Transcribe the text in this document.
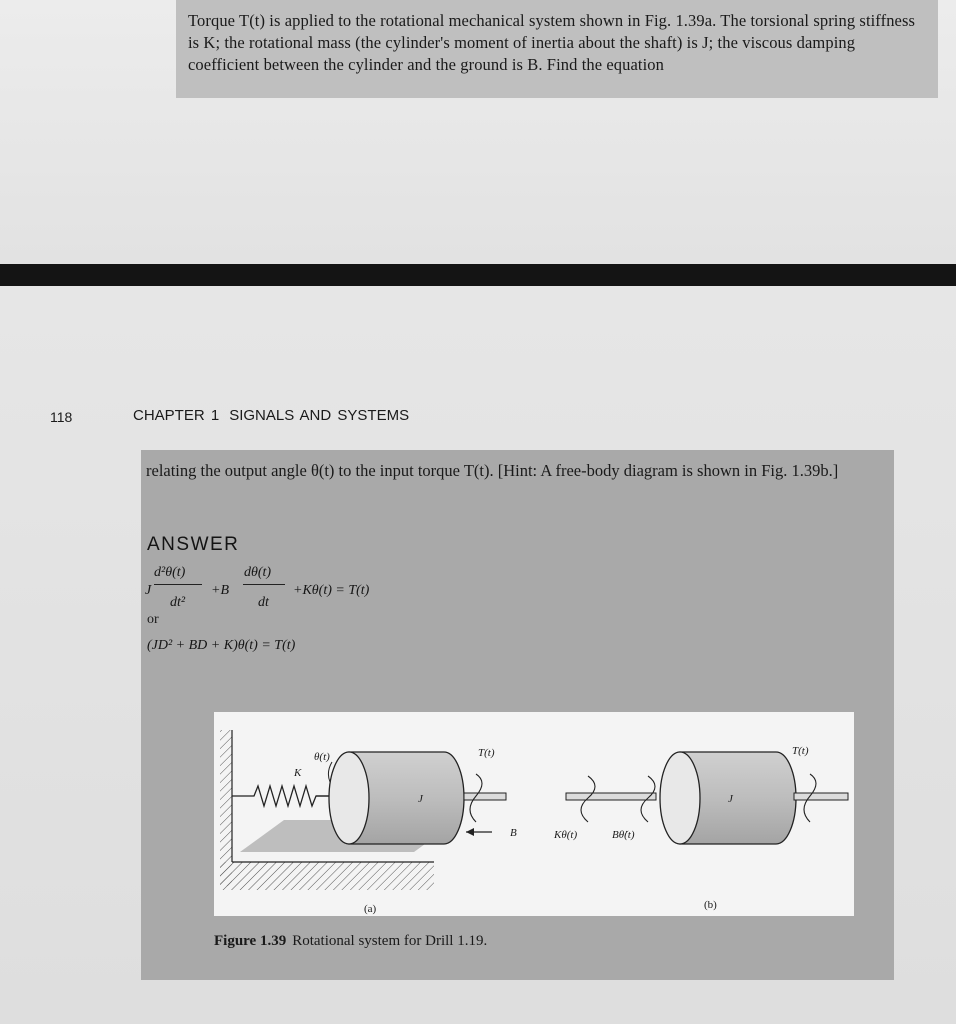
Torque T(t) is applied to the rotational mechanical system shown in Fig. 1.39a. The torsional spring stiffness is K; the rotational mass (the cylinder's moment of inertia about the shaft) is J; the viscous damping coefficient between the cylinder and the ground is B. Find the equation

118	CHAPTER 1 SIGNALS AND SYSTEMS

relating the output angle θ(t) to the input torque T(t). [Hint: A free-body diagram is shown in Fig. 1.39b.]

ANSWER
J
d²θ(t)
dt²
+B
dθ(t)
dt
+Kθ(t) = T(t)
or
(JD² + BD + K)θ(t) = T(t)
θ(t)
K
T(t)
J
B
(a)
T(t)
J
Kθ(t)	Bθ̇(t)
(b)
Figure 1.39 Rotational system for Drill 1.19.
